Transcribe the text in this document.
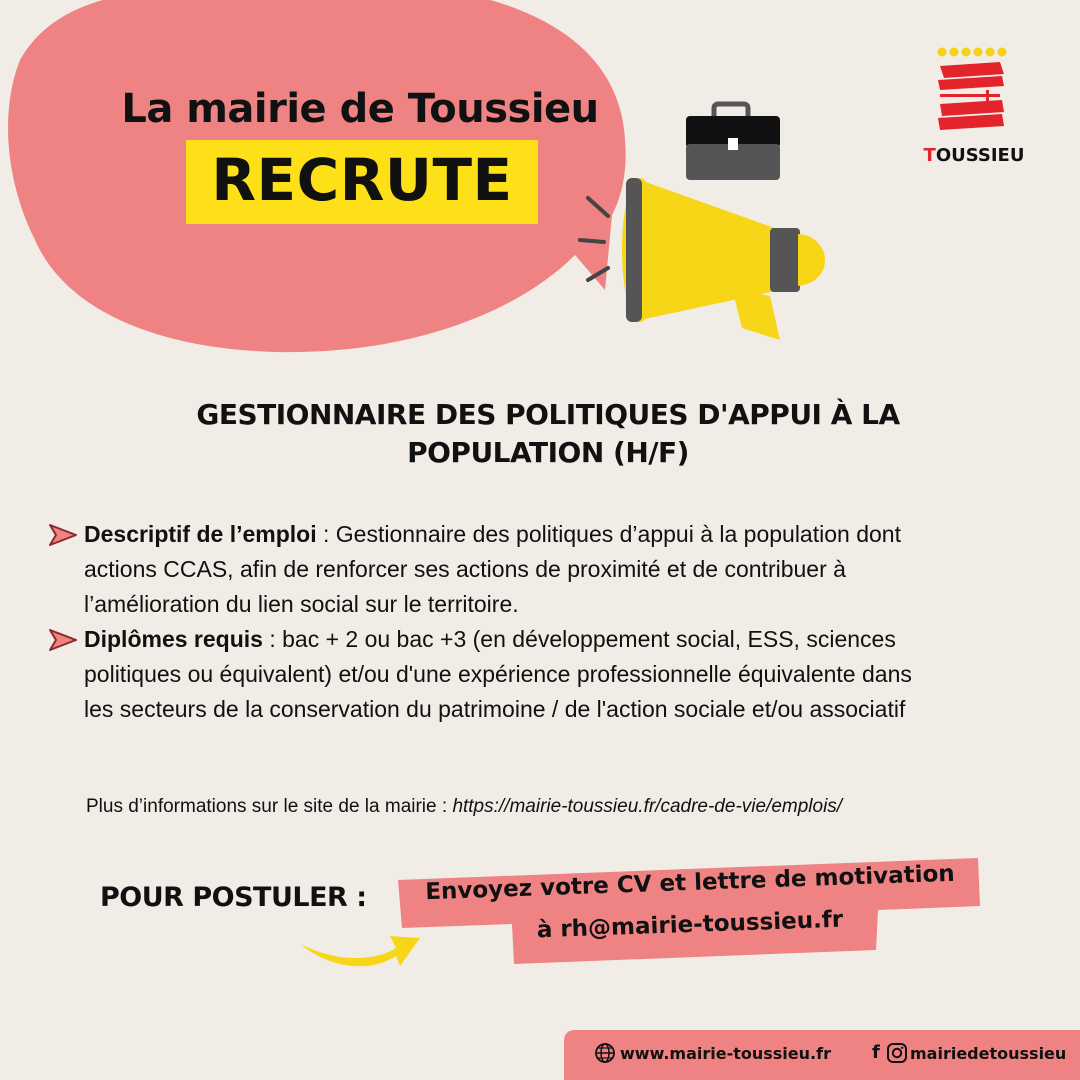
La mairie de Toussieu
RECRUTE	TOUSSIEU
GESTIONNAIRE DES POLITIQUES D'APPUI À LA
POPULATION (H/F)
Descriptif de l’emploi : Gestionnaire des politiques d’appui à la population dont
actions CCAS, afin de renforcer ses actions de proximité et de contribuer à
l’amélioration du lien social sur le territoire.
Diplômes requis : bac + 2 ou bac +3 (en développement social, ESS, sciences
politiques ou équivalent) et/ou d'une expérience professionnelle équivalente dans
les secteurs de la conservation du patrimoine / de l'action sociale et/ou associatif
Plus d’informations sur le site de la mairie : https://mairie-toussieu.fr/cadre-de-vie/emplois/
POUR POSTULER :	Envoyez votre CV et lettre de motivation
à rh@mairie-toussieu.fr
www.mairie-toussieu.fr f mairiedetoussieu
